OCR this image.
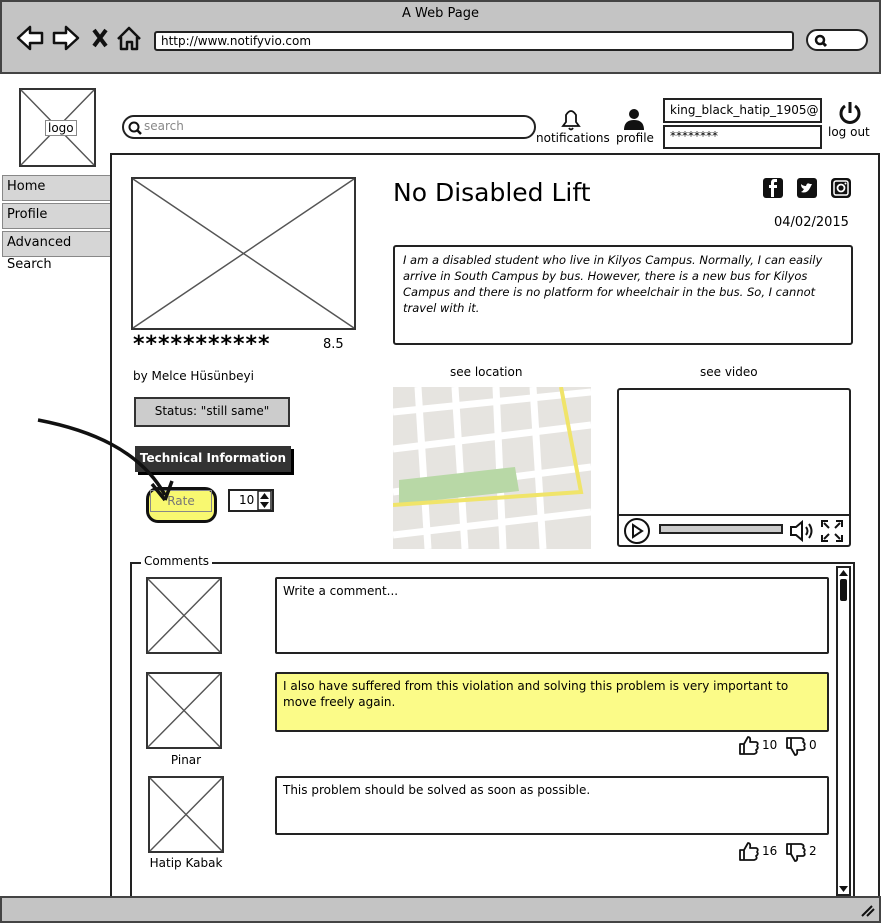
A Web Page
http://www.notifyvio.com
logo	search
notifications profile
king_black_hatip_1905@
********	log out
Home
Profile
Advanced Search
***********	8.5
by Melce Hüsünbeyi
Status: "still same"
Technical Information
Rate	10
No Disabled Lift
04/02/2015
I am a disabled student who live in Kilyos Campus. Normally, I can easily arrive in South Campus by bus. However, there is a new bus for Kilyos Campus and there is no platform for wheelchair in the bus. So, I cannot travel with it.
see location	see video
Comments
Write a comment...
Pinar
I also have suffered from this violation and solving this problem is very important to move freely again.
10	0
Hatip Kabak
This problem should be solved as soon as possible.
16	2
